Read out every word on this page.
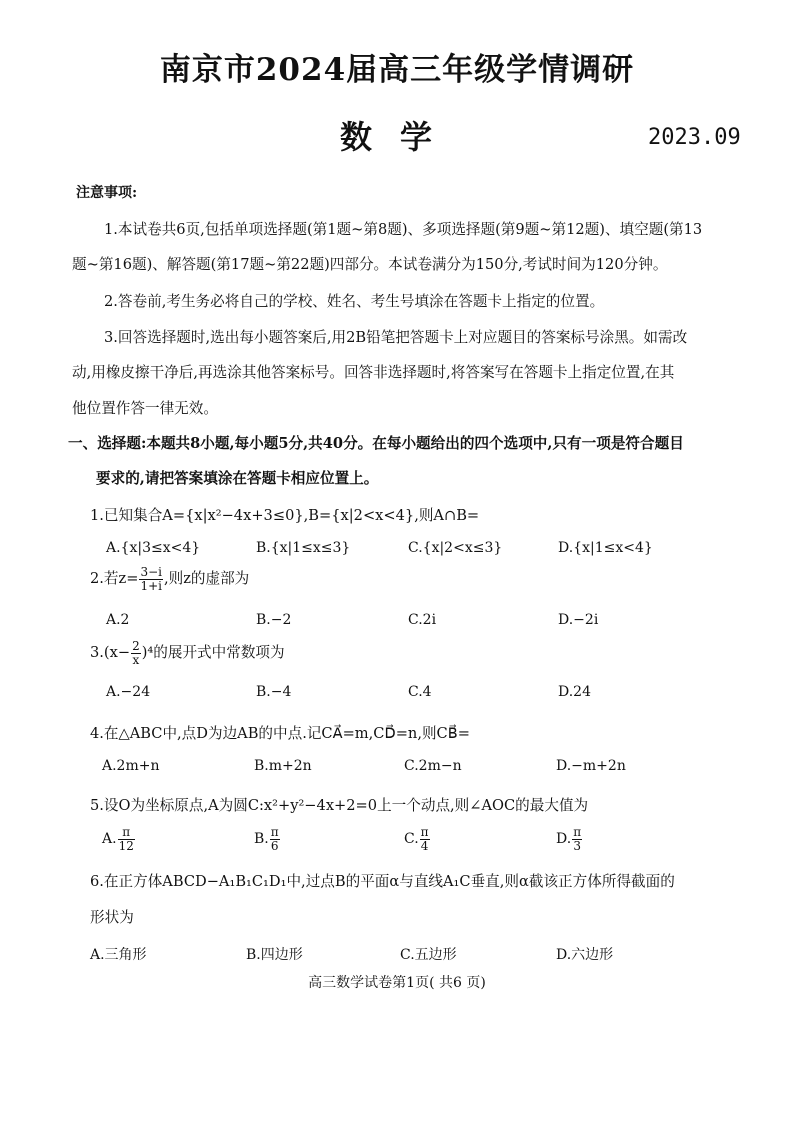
南京市2024届高三年级学情调研
数学	2023.09
注意事项:
1.本试卷共6页,包括单项选择题(第1题~第8题)、多项选择题(第9题~第12题)、填空题(第13
题~第16题)、解答题(第17题~第22题)四部分。本试卷满分为150分,考试时间为120分钟。
2.答卷前,考生务必将自己的学校、姓名、考生号填涂在答题卡上指定的位置。
3.回答选择题时,选出每小题答案后,用2B铅笔把答题卡上对应题目的答案标号涂黑。如需改
动,用橡皮擦干净后,再选涂其他答案标号。回答非选择题时,将答案写在答题卡上指定位置,在其
他位置作答一律无效。
一、选择题:本题共8小题,每小题5分,共40分。在每小题给出的四个选项中,只有一项是符合题目
要求的,请把答案填涂在答题卡相应位置上。
1.已知集合A={x|x²−4x+3≤0},B={x|2<x<4},则A∩B=
A.{x|3≤x<4}	B.{x|1≤x≤3}	C.{x|2<x≤3}	D.{x|1≤x<4}
2.若$z= \frac{3-i}{1+i}$ ,则z的虚部为
A.2	B.−2	C.2i	D.−2i
$3.(x- \frac{2}{x} )^4$的展开式中常数项为
A.−24	B.−4	C.4	D.24
4.在△ABC中,点D为边AB的中点.记CA⃗=m,CD⃗=n,则CB⃗=
A.2m+n	B.m+2n	C.2m−n	D.−m+2n
5.设O为坐标原点,A为圆C:x²+y²−4x+2=0上一个动点,则∠AOC的最大值为
A. $\frac{\pi}{12}$	B. $\frac{\pi}{6}$	C. $\frac{\pi}{4}$	D. $\frac{\pi}{3}$
6.在正方体ABCD−A₁B₁C₁D₁中,过点B的平面α与直线A₁C垂直,则α截该正方体所得截面的
形状为
A.三角形	B.四边形	C.五边形	D.六边形
高三数学试卷第1页( 共6 页)
